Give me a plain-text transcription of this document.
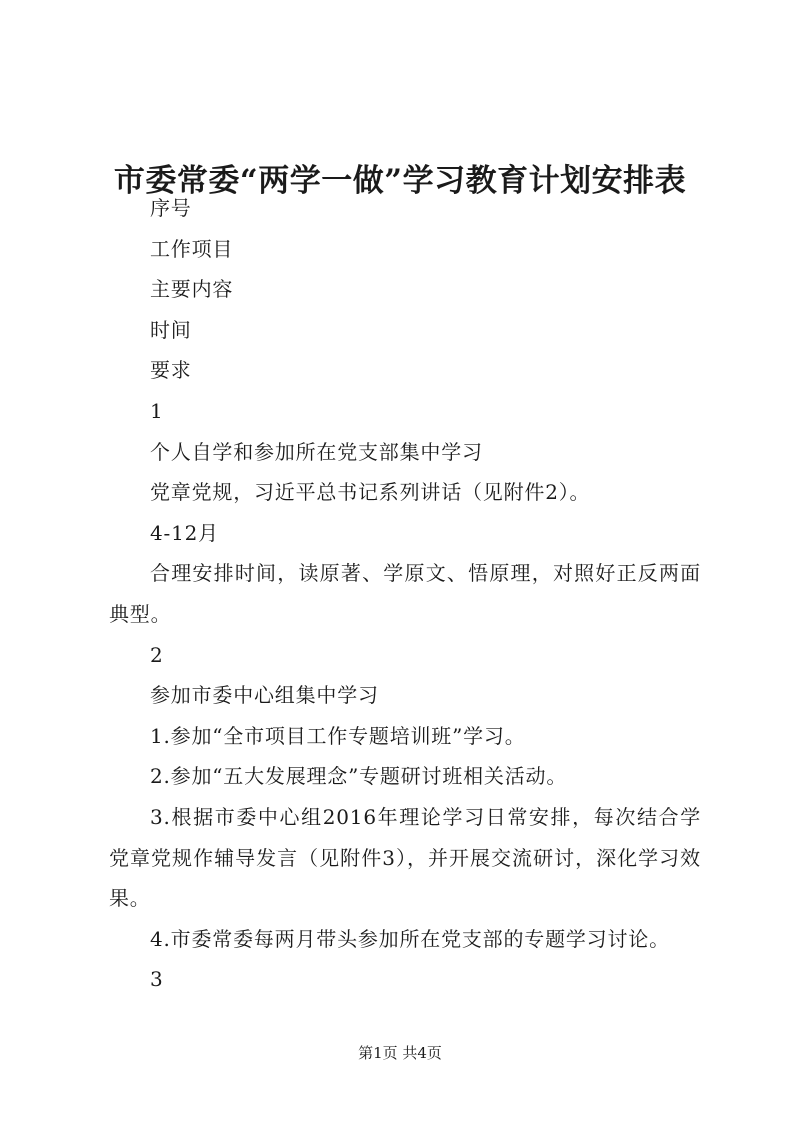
市委常委“两学一做”学习教育计划安排表

序号

工作项目

主要内容

时间

要求

1

个人自学和参加所在党支部集中学习

党章党规，习近平总书记系列讲话（见附件2）。

4-12月

合理安排时间，读原著、学原文、悟原理，对照好正反两面典型。

2

参加市委中心组集中学习

1.参加“全市项目工作专题培训班”学习。

2.参加“五大发展理念”专题研讨班相关活动。

3.根据市委中心组2016年理论学习日常安排，每次结合学党章党规作辅导发言（见附件3），并开展交流研讨，深化学习效果。

4.市委常委每两月带头参加所在党支部的专题学习讨论。

3

第1页 共4页
